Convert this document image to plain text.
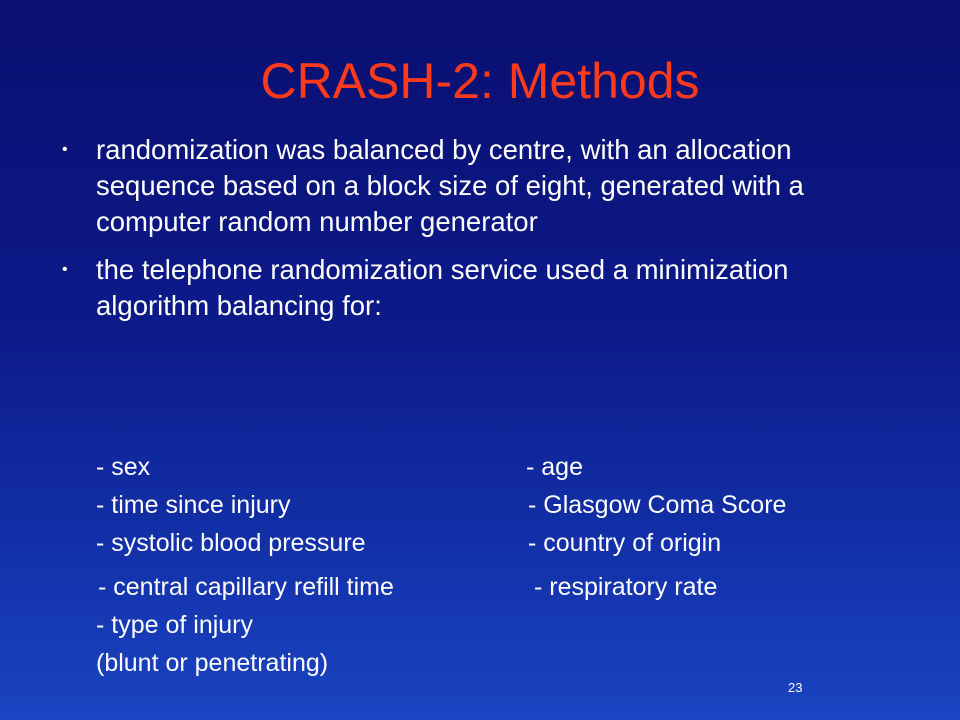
CRASH-2: Methods
• randomization was balanced by centre, with an allocation sequence based on a block size of eight, generated with a computer random number generator
• the telephone randomization service used a minimization algorithm balancing for:
- sex	- age
- time since injury	- Glasgow Coma Score
- systolic blood pressure	- country of origin
- central capillary refill time	- respiratory rate
- type of injury
(blunt or penetrating)
23
